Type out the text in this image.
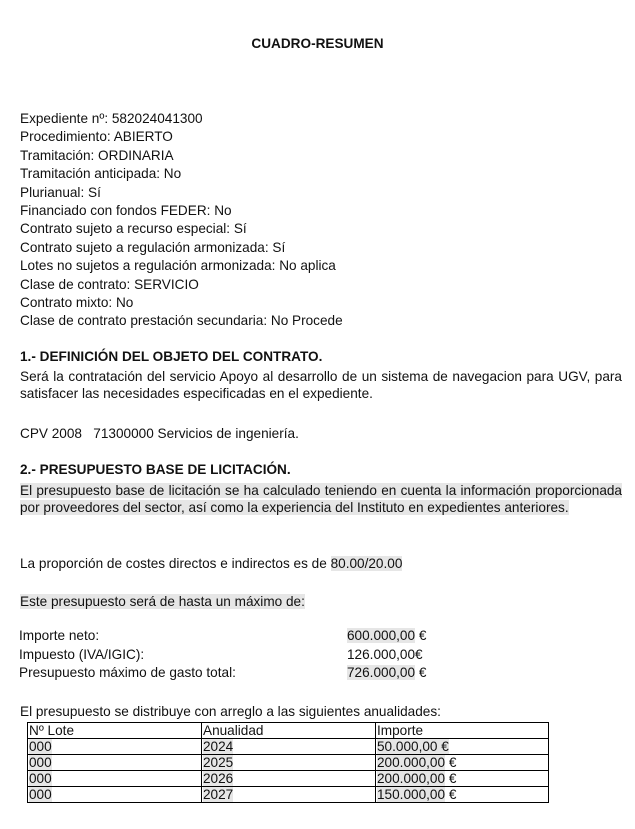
CUADRO-RESUMEN
Expediente nº: 582024041300
Procedimiento: ABIERTO
Tramitación: ORDINARIA
Tramitación anticipada: No
Plurianual: Sí
Financiado con fondos FEDER: No
Contrato sujeto a recurso especial: Sí
Contrato sujeto a regulación armonizada: Sí
Lotes no sujetos a regulación armonizada: No aplica
Clase de contrato: SERVICIO
Contrato mixto: No
Clase de contrato prestación secundaria: No Procede
1.- DEFINICIÓN DEL OBJETO DEL CONTRATO.
Será la contratación del servicio Apoyo al desarrollo de un sistema de navegacion para UGV, para satisfacer las necesidades especificadas en el expediente.
CPV 2008   71300000 Servicios de ingeniería.
2.- PRESUPUESTO BASE DE LICITACIÓN.
El presupuesto base de licitación se ha calculado teniendo en cuenta la información proporcionada por proveedores del sector, así como la experiencia del Instituto en expedientes anteriores.
La proporción de costes directos e indirectos es de 80.00/20.00
Este presupuesto será de hasta un máximo de:
Importe neto:	600.000,00 €
Impuesto (IVA/IGIC):	126.000,00€
Presupuesto máximo de gasto total:	726.000,00 €
El presupuesto se distribuye con arreglo a las siguientes anualidades:
Nº Lote	Anualidad	Importe
000	2024	50.000,00 €
000	2025	200.000,00 €
000	2026	200.000,00 €
000	2027	150.000,00 €
